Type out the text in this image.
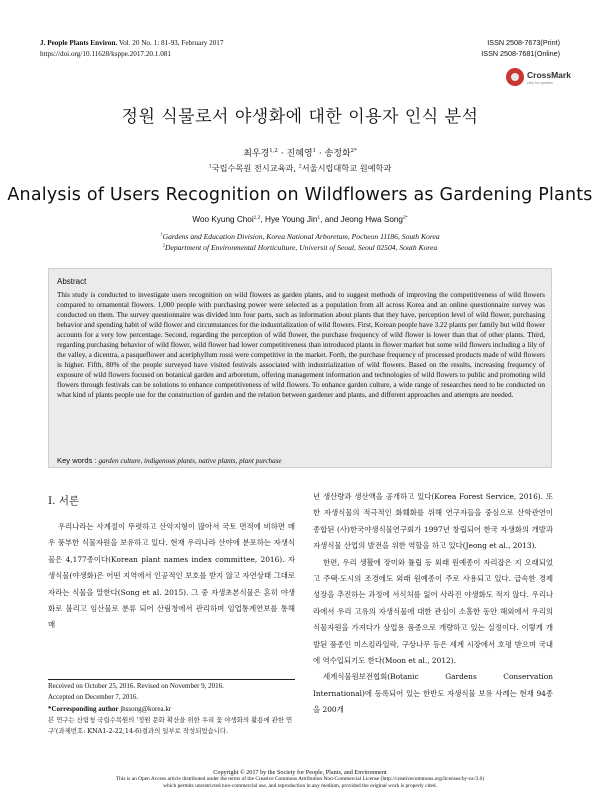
J. People Plants Environ. Vol. 20 No. 1: 81-93, February 2017
https://doi.org/10.11628/ksppe.2017.20.1.081
ISSN 2508-7673(Print)
ISSN 2508-7681(Online)
CrossMark
click for updates
정원 식물로서 야생화에 대한 이용자 인식 분석
최우경$^{1,2}$ · 진혜영$^1$ · 송정화$^{2*}$
$^1$국립수목원 전시교육과, $^2$서울시립대학교 원예학과
Analysis of Users Recognition on Wildflowers as Gardening Plants
Woo Kyung Choi$^{1,2}$, Hye Young Jin$^1$, and Jeong Hwa Song$^{2*}$
$^1$Gardens and Education Division, Korea National Arboretum, Pocheon 11186, South Korea
$^2$Department of Environmental Horticulture, Universit of Seoul, Seoul 02504, South Korea
Abstract
This study is conducted to investigate users recognition on wild flowers as garden plants, and to suggest methods of improving the competitiveness of wild flowers compared to ornamental flowers. 1,000 people with purchasing power were selected as a population from all across Korea and an online questionnaire survey was conducted on them. The survey questionnaire was divided into four parts, such as information about plants that they have, perception level of wild flower, purchasing behavior and spending habit of wild flower and circumstances for the industrialization of wild flowers. First, Korean people have 3.22 plants per family but wild flower accounts for a very low percentage. Second, regarding the perception of wild flower, the purchase frequency of wild flower is lower than that of other plants. Third, regarding purchasing behavior of wild flower, wild flower had lower competitiveness than introduced plants in flower market but some wild flowers including a lily of the valley, a dicentra, a pasqueflower and aceriphyllum rossi were competitive in the market. Forth, the purchase frequency of processed products made of wild flowers is higher. Fifth, 80% of the people surveyed have visited festivals associated with industrialization of wild flowers. Based on the results, increasing frequency of exposure of wild flowers focused on botanical garden and arboretum, offering management information and technologies of wild flowers to public and promoting wild flowers through festivals can be solutions to enhance competitiveness of wild flowers. To enhance garden culture, a wide range of researches need to be conducted on what kind of plants people use for the construction of garden and the relation between gardener and plants, and different approaches and attempts are needed.
Key words : garden culture, indigenous plants, native plants, plant purchase
I. 서론

우리나라는 사계절이 뚜렷하고 산악지형이 많아서 국토 면적에 비하면 매우 풍부한 식물자원을 보유하고 있다. 현재 우리나라 산야에 분포하는 자생식물은 4,177종이다(Korean plant names index committee, 2016). 자생식물(야생화)은 어떤 지역에서 인공적인 보호를 받지 않고 자연상태 그대로 자라는 식물을 말한다(Song et al. 2015). 그 중 자생초본식물은 흔히 야생화로 불리고 임산물로 분류 되어 산림청에서 관리하며 임업통계연보를 통해 매

년 생산량과 생산액을 공개하고 있다(Korea Forest Service, 2016). 또한 자생식물의 적극적인 화훼화를 위해 연구자들을 중심으로 산학관연이 종합된 (사)한국야생식물연구회가 1997년 창립되어 한국 자생화의 개발과 자생식물 산업의 발전을 위한 역할을 하고 있다(Jeong et al., 2013).

한편, 우리 생활에 장미와 튤립 등 외래 원예종이 자리잡은 지 오래되었고 주택·도시의 조경에도 외래 원예종이 주로 사용되고 있다. 급속한 경제성장을 추진하는 과정에 서식처를 잃어 사라진 야생화도 적지 않다. 우리나라에서 우리 고유의 자생식물에 대한 관심이 소홀한 동안 해외에서 우리의 식물자원을 가져다가 상업용 품종으로 개량하고 있는 실정이다. 이렇게 개발된 품종인 미스킴라일락, 구상나무 등은 세계 시장에서 호평 받으며 국내에 역수입되기도 한다(Moon et al., 2012).

세계식물원보전협회(Botanic Gardens Conservation International)에 등록되어 있는 한반도 자생식물 보유 사례는 현재 94종을 200개

Received on October 25, 2016. Revised on November 9, 2016.
Accepted on December 7, 2016.
*Corresponding author jhssong@korea.kr
본 연구는 산림청 국립수목원의 '정원 문화 확산을 위한 우리 꽃 야생화의 활용에 관한 연구'(과제번호: KNA1-2-22,14-6)결과의 일부로 작성되었습니다.
Copyright © 2017 by the Society for People, Plants, and Environment
This is an Open Access article distributed under the terms of the Creative Commons Attribution Non-Commercial License (http://creativecommons.org/licenses/by-nc/3.0)
which permits unrestricted non-commercial use, and reproduction in any medium, provided the original work is properly cited.
